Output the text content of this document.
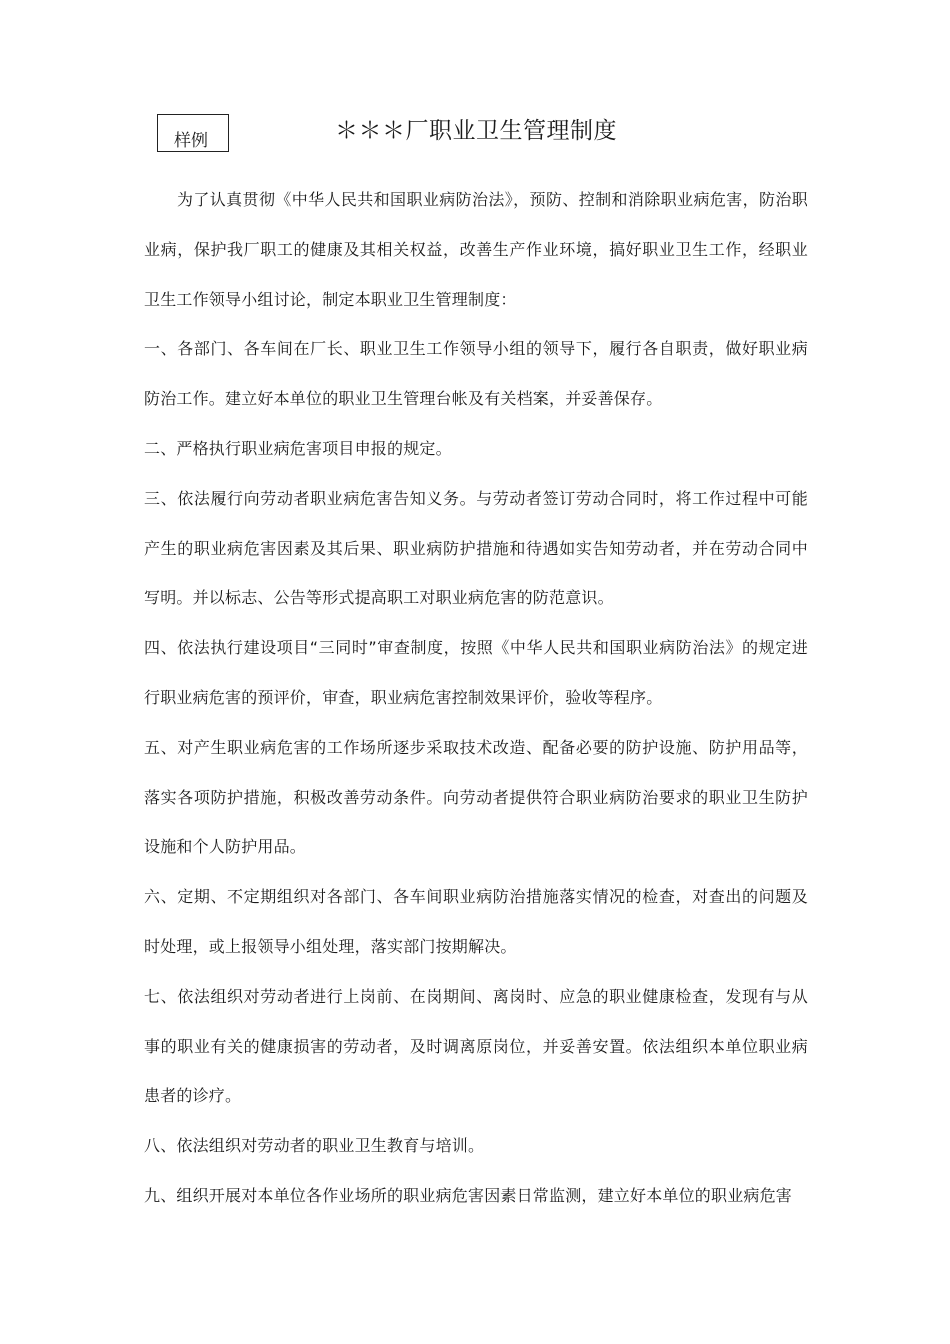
样例	＊＊＊厂职业卫生管理制度

为了认真贯彻《中华人民共和国职业病防治法》，预防、控制和消除职业病危害，防治职业病，保护我厂职工的健康及其相关权益，改善生产作业环境，搞好职业卫生工作，经职业卫生工作领导小组讨论，制定本职业卫生管理制度：

一、各部门、各车间在厂长、职业卫生工作领导小组的领导下，履行各自职责，做好职业病防治工作。建立好本单位的职业卫生管理台帐及有关档案，并妥善保存。

二、严格执行职业病危害项目申报的规定。

三、依法履行向劳动者职业病危害告知义务。与劳动者签订劳动合同时，将工作过程中可能产生的职业病危害因素及其后果、职业病防护措施和待遇如实告知劳动者，并在劳动合同中写明。并以标志、公告等形式提高职工对职业病危害的防范意识。

四、依法执行建设项目“三同时”审查制度，按照《中华人民共和国职业病防治法》的规定进行职业病危害的预评价，审查，职业病危害控制效果评价，验收等程序。

五、对产生职业病危害的工作场所逐步采取技术改造、配备必要的防护设施、防护用品等，落实各项防护措施，积极改善劳动条件。向劳动者提供符合职业病防治要求的职业卫生防护设施和个人防护用品。

六、定期、不定期组织对各部门、各车间职业病防治措施落实情况的检查，对查出的问题及时处理，或上报领导小组处理，落实部门按期解决。

七、依法组织对劳动者进行上岗前、在岗期间、离岗时、应急的职业健康检查，发现有与从事的职业有关的健康损害的劳动者，及时调离原岗位，并妥善安置。依法组织本单位职业病患者的诊疗。

八、依法组织对劳动者的职业卫生教育与培训。

九、组织开展对本单位各作业场所的职业病危害因素日常监测，建立好本单位的职业病危害
